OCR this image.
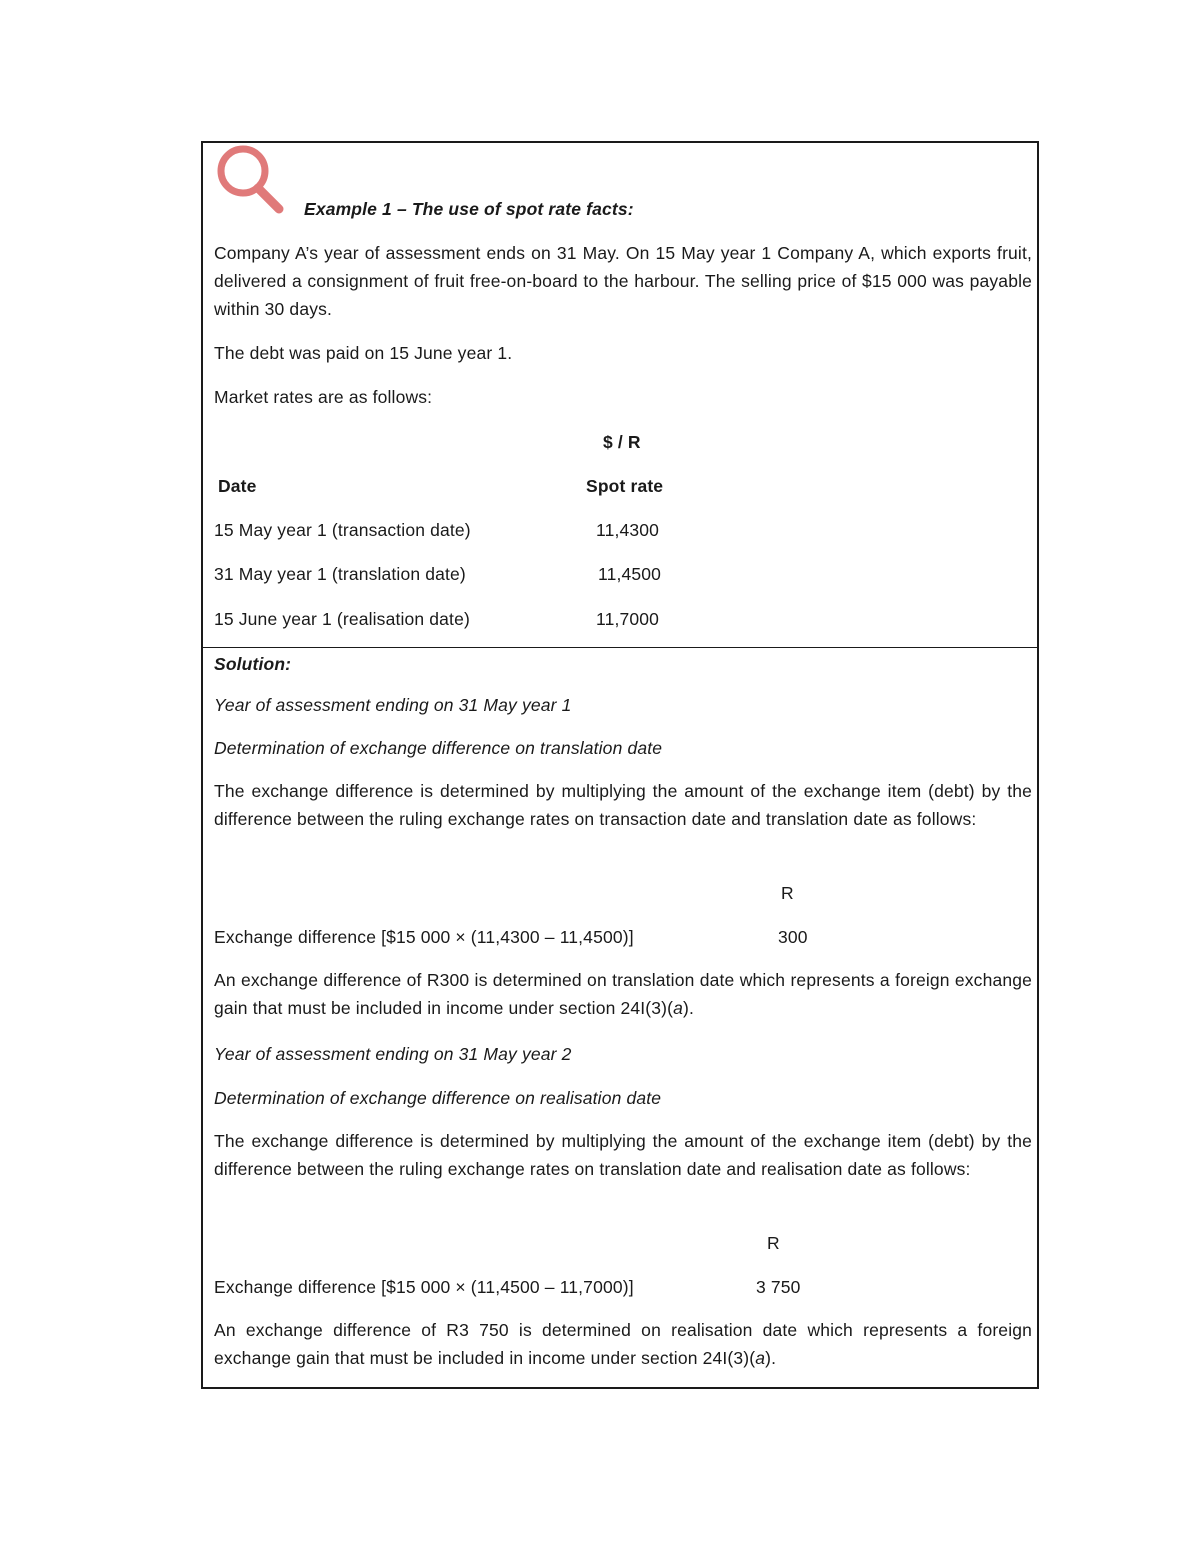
Example 1 – The use of spot rate facts:
Company A’s year of assessment ends on 31 May. On 15 May year 1 Company A, which exports fruit, delivered a consignment of fruit free-on-board to the harbour. The selling price of $15 000 was payable within 30 days.
The debt was paid on 15 June year 1.
Market rates are as follows:
$ / R
Date	Spot rate
15 May year 1 (transaction date)	11,4300
31 May year 1 (translation date)	11,4500
15 June year 1 (realisation date)	11,7000
Solution:
Year of assessment ending on 31 May year 1
Determination of exchange difference on translation date
The exchange difference is determined by multiplying the amount of the exchange item (debt) by the difference between the ruling exchange rates on transaction date and translation date as follows:
R
Exchange difference [$15 000 × (11,4300 – 11,4500)]	300
An exchange difference of R300 is determined on translation date which represents a foreign exchange gain that must be included in income under section 24I(3)(a).
Year of assessment ending on 31 May year 2
Determination of exchange difference on realisation date
The exchange difference is determined by multiplying the amount of the exchange item (debt) by the difference between the ruling exchange rates on translation date and realisation date as follows:
R
Exchange difference [$15 000 × (11,4500 – 11,7000)]	3 750
An exchange difference of R3 750 is determined on realisation date which represents a foreign exchange gain that must be included in income under section 24I(3)(a).
